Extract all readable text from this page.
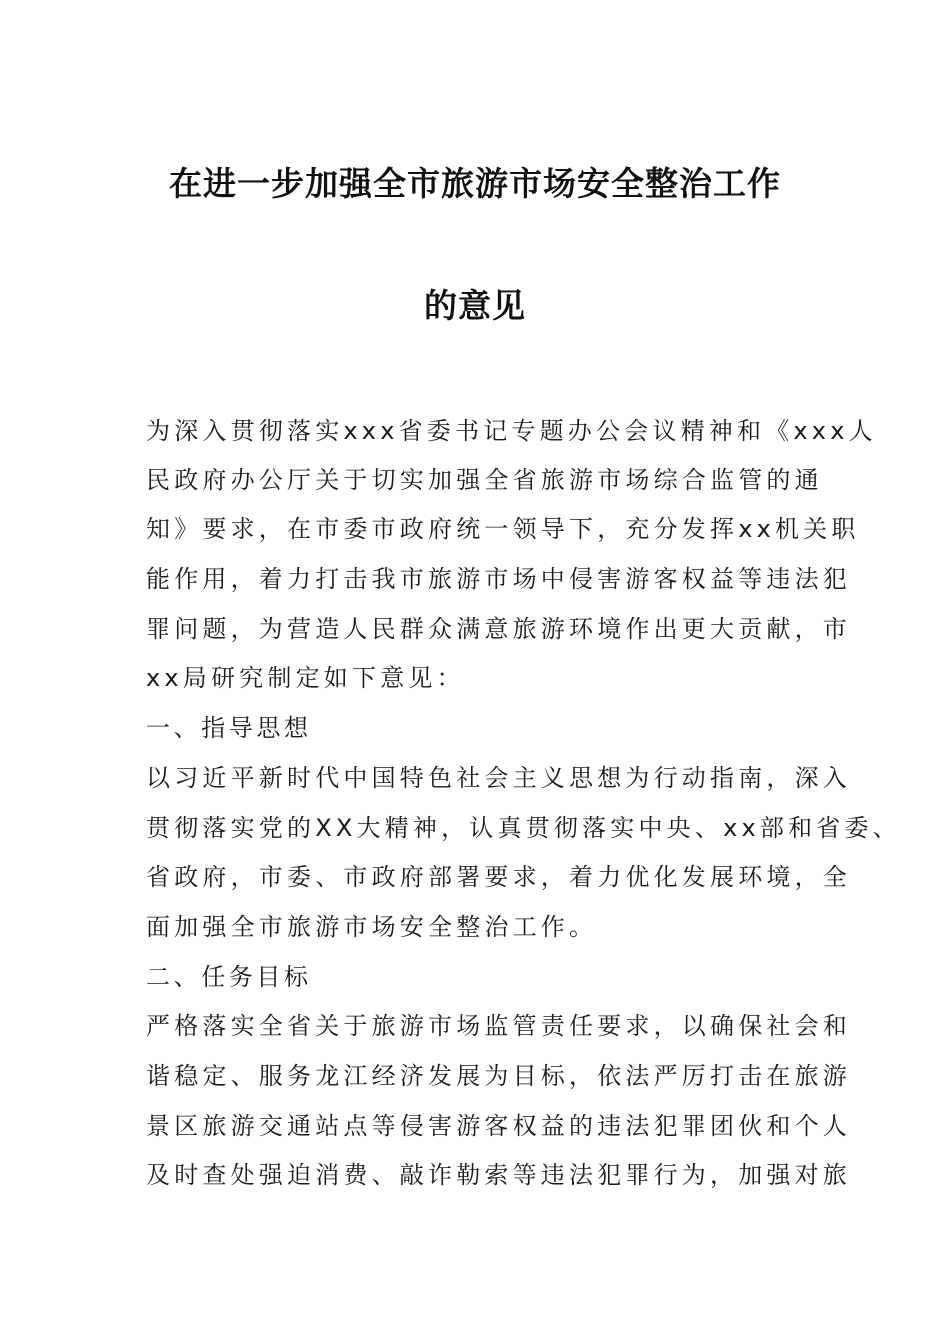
在进一步加强全市旅游市场安全整治工作
的意见

为深入贯彻落实xxx省委书记专题办公会议精神和《xxx人

民政府办公厅关于切实加强全省旅游市场综合监管的通

知》要求，在市委市政府统一领导下，充分发挥xx机关职

能作用，着力打击我市旅游市场中侵害游客权益等违法犯

罪问题，为营造人民群众满意旅游环境作出更大贡献，市

xx局研究制定如下意见：

一、指导思想

以习近平新时代中国特色社会主义思想为行动指南，深入

贯彻落实党的XX大精神，认真贯彻落实中央、xx部和省委、

省政府，市委、市政府部署要求，着力优化发展环境，全

面加强全市旅游市场安全整治工作。

二、任务目标

严格落实全省关于旅游市场监管责任要求，以确保社会和

谐稳定、服务龙江经济发展为目标，依法严厉打击在旅游

景区旅游交通站点等侵害游客权益的违法犯罪团伙和个人

及时查处强迫消费、敲诈勒索等违法犯罪行为，加强对旅
